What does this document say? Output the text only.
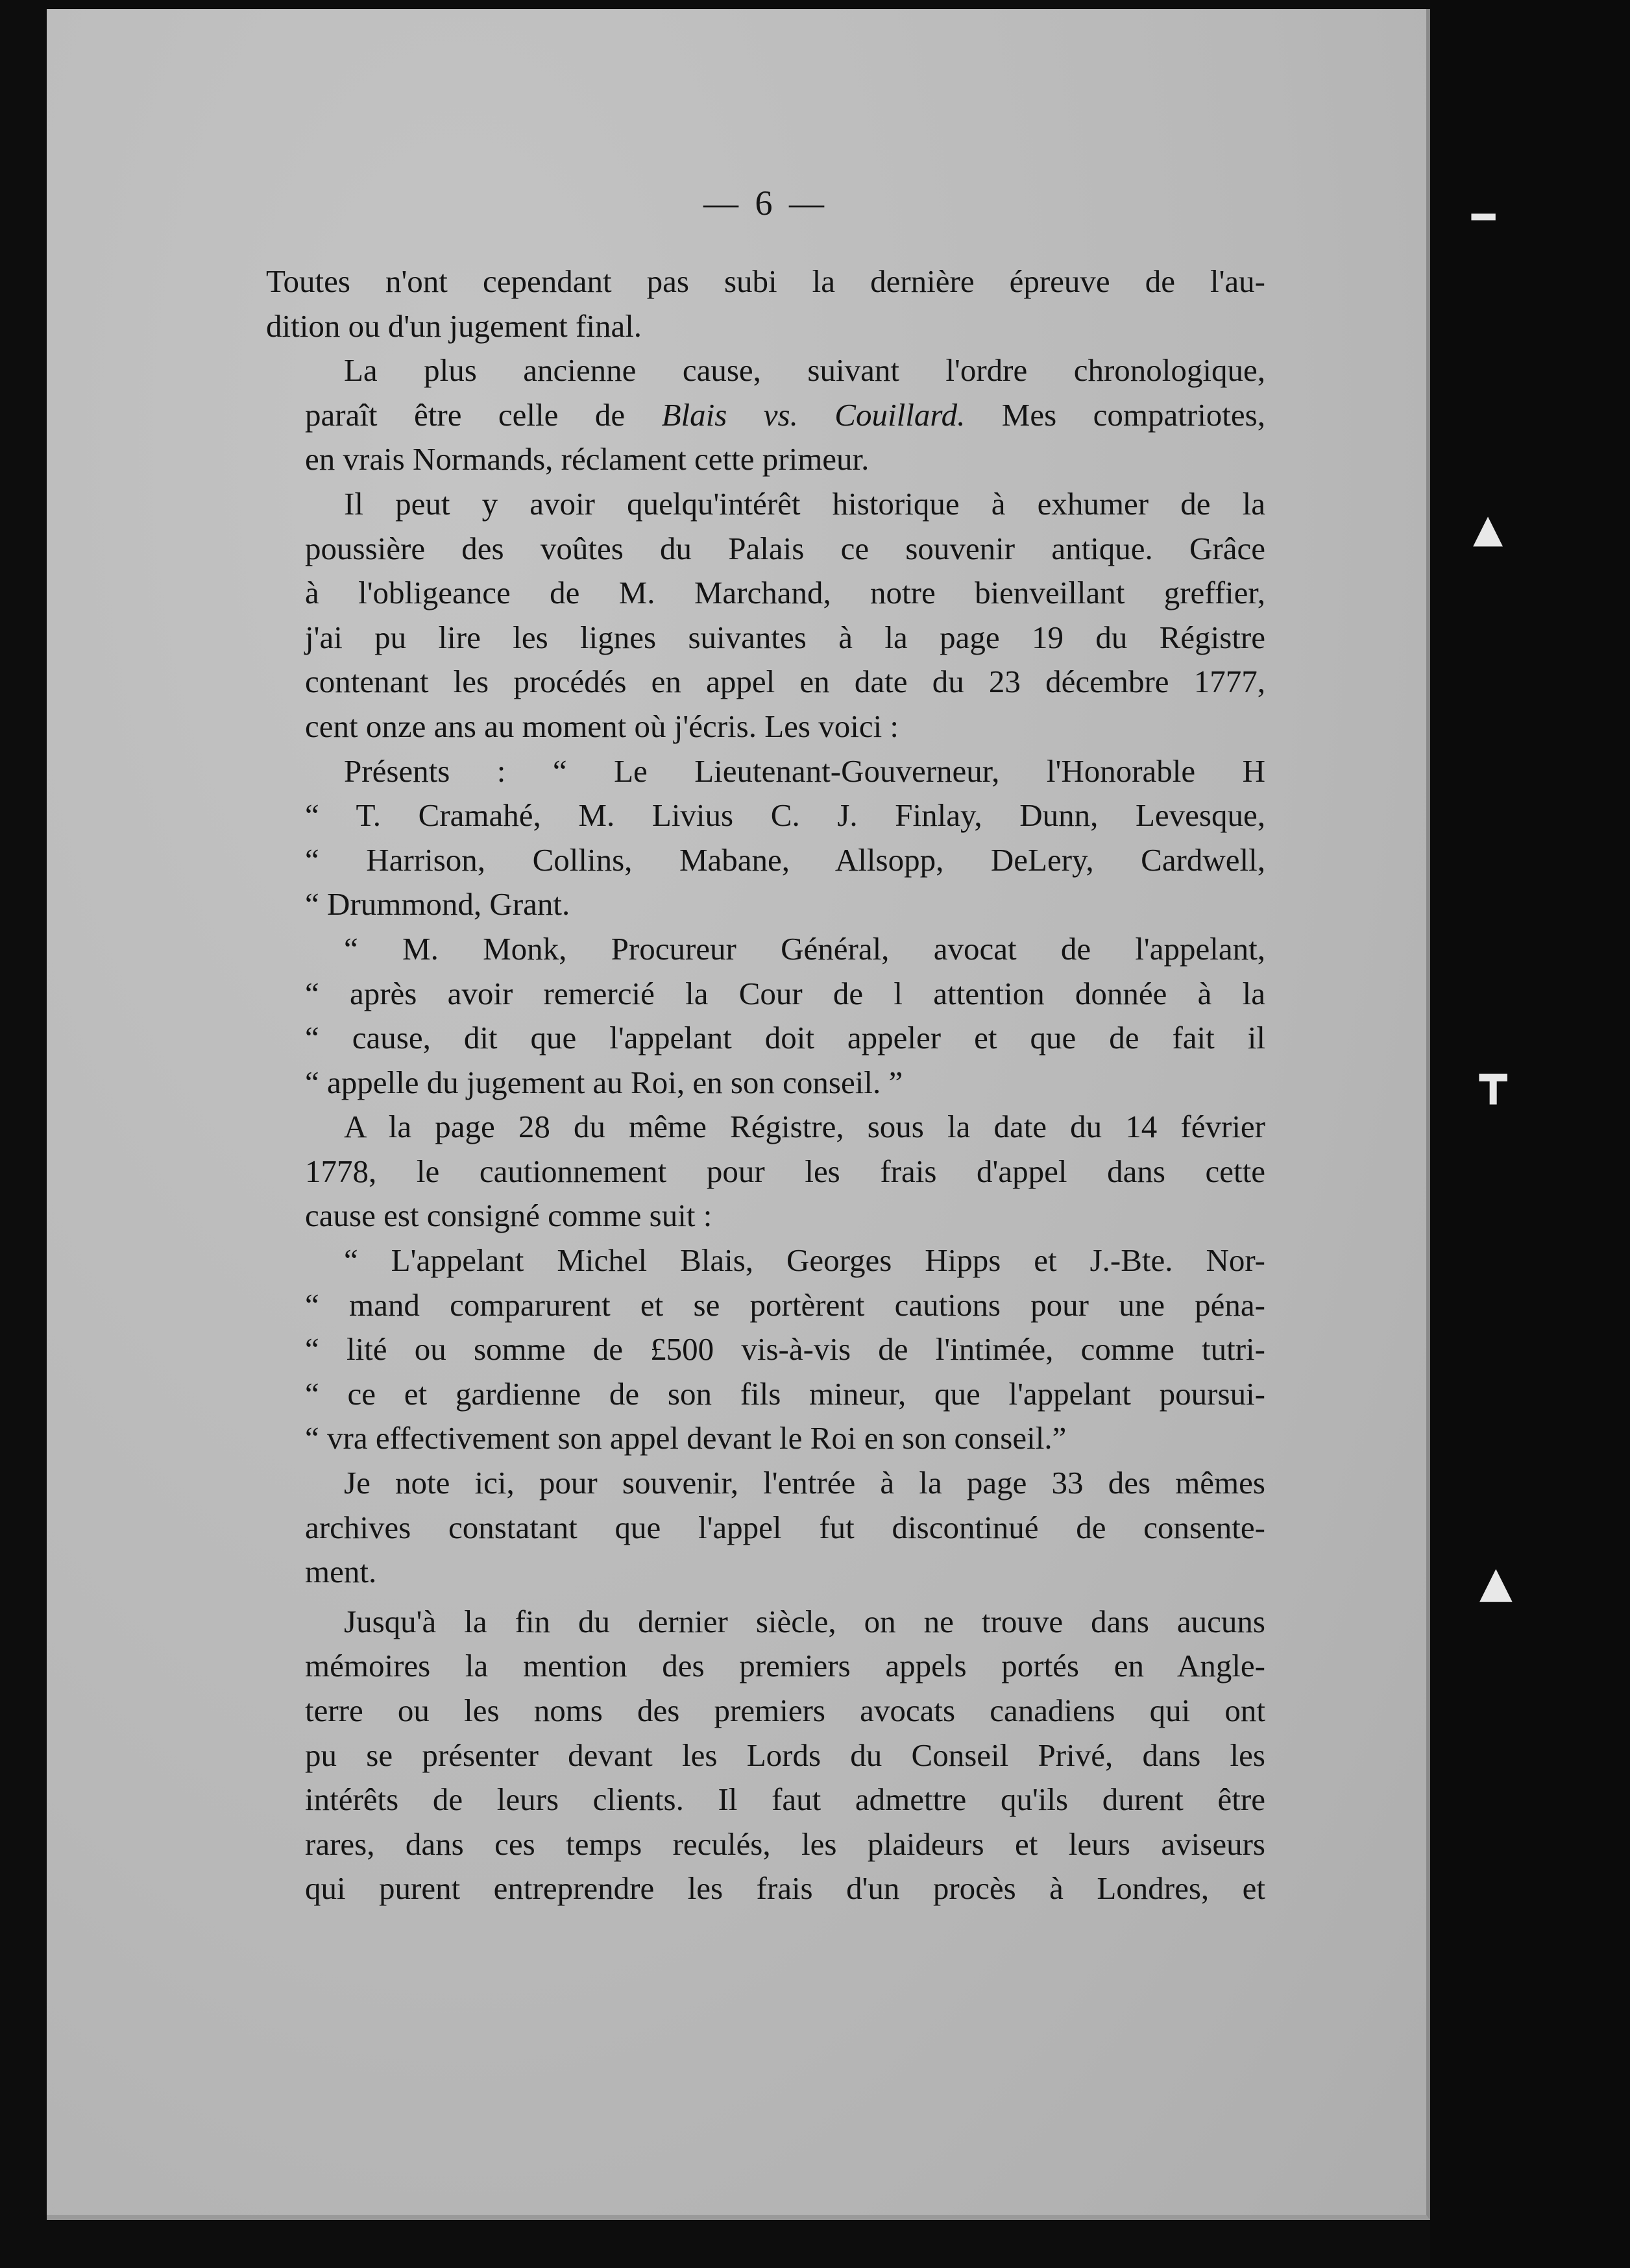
━
▲
┳
▲
— 6 —

Toutes n'ont cependant pas subi la dernière épreuve de l'au-
dition ou d'un jugement final.

La plus ancienne cause, suivant l'ordre chronologique,
paraît être celle de Blais vs. Couillard. Mes compatriotes,
en vrais Normands, réclament cette primeur.

Il peut y avoir quelqu'intérêt historique à exhumer de la
poussière des voûtes du Palais ce souvenir antique. Grâce
à l'obligeance de M. Marchand, notre bienveillant greffier,
j'ai pu lire les lignes suivantes à la page 19 du Régistre
contenant les procédés en appel en date du 23 décembre 1777,
cent onze ans au moment où j'écris. Les voici :

Présents : “ Le Lieutenant-Gouverneur, l'Honorable H
“ T. Cramahé, M. Livius C. J. Finlay, Dunn, Levesque,
“ Harrison, Collins, Mabane, Allsopp, DeLery, Cardwell,
“ Drummond, Grant.

“ M. Monk, Procureur Général, avocat de l'appelant,
“ après avoir remercié la Cour de l attention donnée à la
“ cause, dit que l'appelant doit appeler et que de fait il
“ appelle du jugement au Roi, en son conseil. ”

A la page 28 du même Régistre, sous la date du 14 février
1778, le cautionnement pour les frais d'appel dans cette
cause est consigné comme suit :

“ L'appelant Michel Blais, Georges Hipps et J.-Bte. Nor-
“ mand comparurent et se portèrent cautions pour une péna-
“ lité ou somme de £500 vis-à-vis de l'intimée, comme tutri-
“ ce et gardienne de son fils mineur, que l'appelant poursui-
“ vra effectivement son appel devant le Roi en son conseil.”

Je note ici, pour souvenir, l'entrée à la page 33 des mêmes
archives constatant que l'appel fut discontinué de consente-
ment.

Jusqu'à la fin du dernier siècle, on ne trouve dans aucuns
mémoires la mention des premiers appels portés en Angle-
terre ou les noms des premiers avocats canadiens qui ont
pu se présenter devant les Lords du Conseil Privé, dans les
intérêts de leurs clients. Il faut admettre qu'ils durent être
rares, dans ces temps reculés, les plaideurs et leurs aviseurs
qui purent entreprendre les frais d'un procès à Londres, et
